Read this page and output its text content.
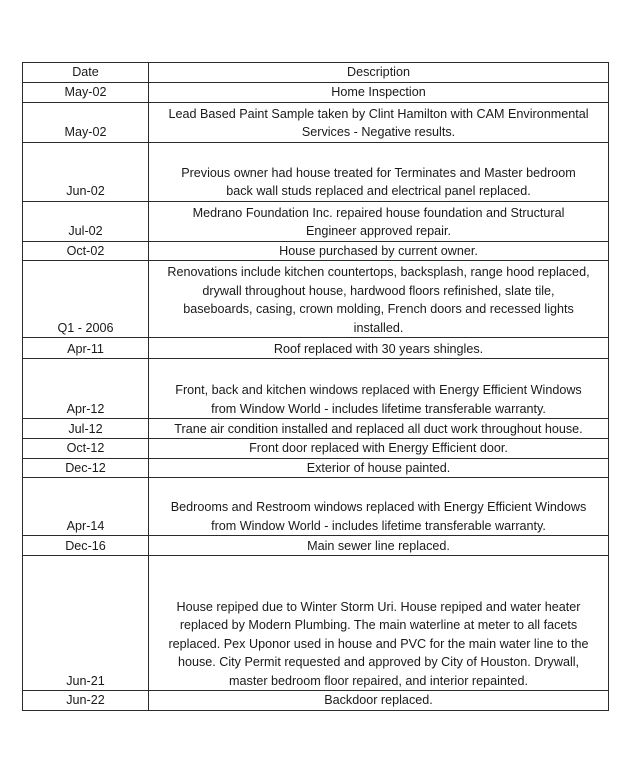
Date	Description
May-02	Home Inspection

May-02	Lead Based Paint Sample taken by Clint Hamilton with CAM Environmental
Services - Negative results.

Jun-02	Previous owner had house treated for Terminates and Master bedroom
back wall studs replaced and electrical panel replaced.

Jul-02	Medrano Foundation Inc. repaired house foundation and Structural
Engineer approved repair.

Oct-02	House purchased by current owner.

Q1 - 2006	Renovations include kitchen countertops, backsplash, range hood replaced,
drywall throughout house, hardwood floors refinished, slate tile,
baseboards, casing, crown molding, French doors and recessed lights
installed.

Apr-11	Roof replaced with 30 years shingles.

Apr-12	Front, back and kitchen windows replaced with Energy Efficient Windows
from Window World - includes lifetime transferable warranty.

Jul-12	Trane air condition installed and replaced all duct work throughout house.

Oct-12	Front door replaced with Energy Efficient door.

Dec-12	Exterior of house painted.

Apr-14	Bedrooms and Restroom windows replaced with Energy Efficient Windows
from Window World - includes lifetime transferable warranty.

Dec-16	Main sewer line replaced.

Jun-21	House repiped due to Winter Storm Uri. House repiped and water heater
replaced by Modern Plumbing. The main waterline at meter to all facets
replaced. Pex Uponor used in house and PVC for the main water line to the
house. City Permit requested and approved by City of Houston. Drywall,
master bedroom floor repaired, and interior repainted.

Jun-22	Backdoor replaced.
